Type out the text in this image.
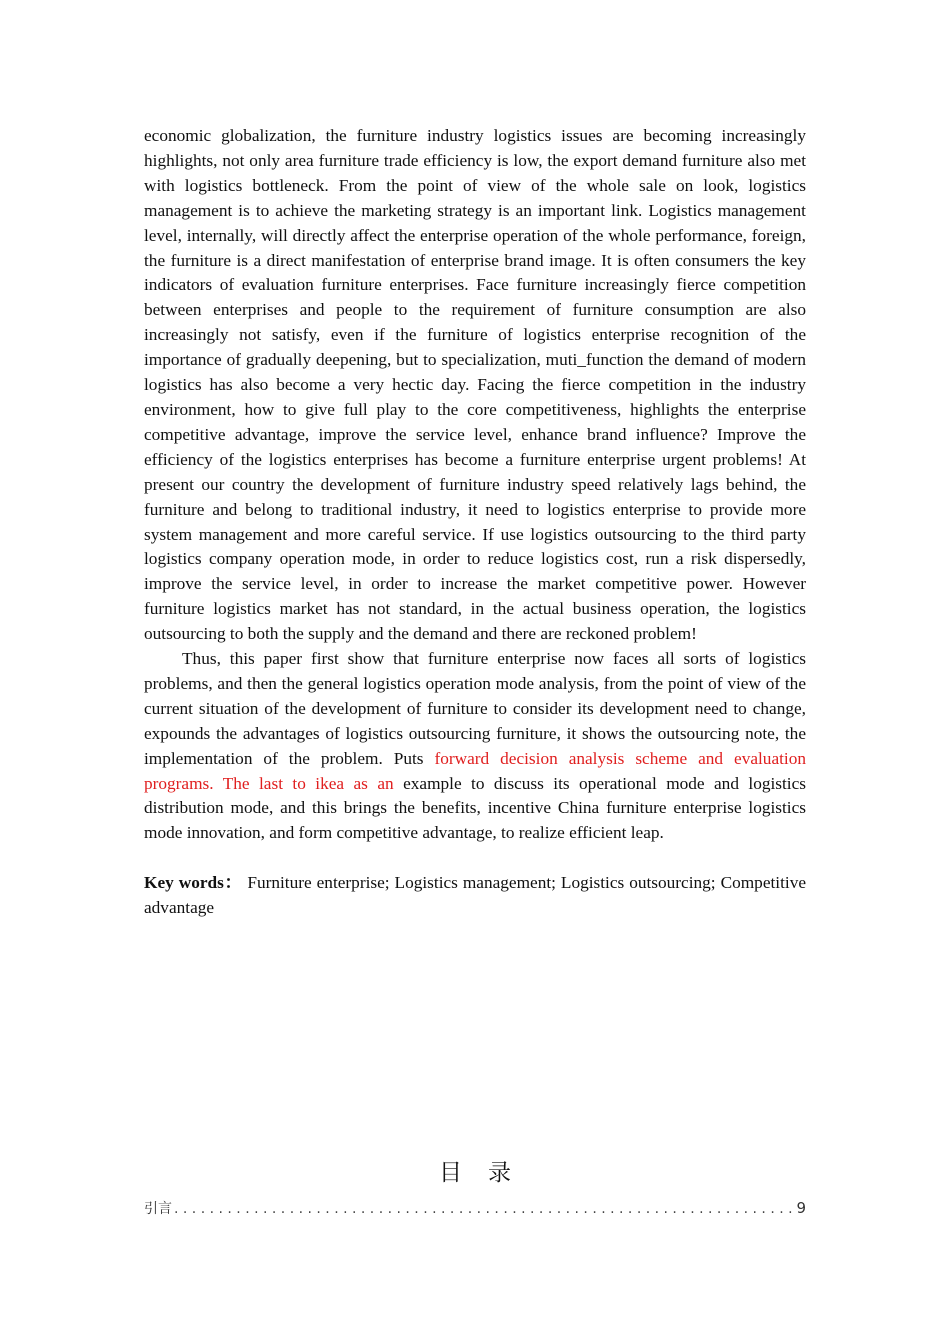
economic globalization, the furniture industry logistics issues are becoming increasingly highlights, not only area furniture trade efficiency is low, the export demand furniture also met with logistics bottleneck. From the point of view of the whole sale on look, logistics management is to achieve the marketing strategy is an important link. Logistics management level, internally, will directly affect the enterprise operation of the whole performance, foreign, the furniture is a direct manifestation of enterprise brand image. It is often consumers the key indicators of evaluation furniture enterprises. Face furniture increasingly fierce competition between enterprises and people to the requirement of furniture consumption are also increasingly not satisfy, even if the furniture of logistics enterprise recognition of the importance of gradually deepening, but to specialization, muti_function the demand of modern logistics has also become a very hectic day. Facing the fierce competition in the industry environment, how to give full play to the core competitiveness, highlights the enterprise competitive advantage, improve the service level, enhance brand influence? Improve the efficiency of the logistics enterprises has become a furniture enterprise urgent problems! At present our country the development of furniture industry speed relatively lags behind, the furniture and belong to traditional industry, it need to logistics enterprise to provide more system management and more careful service. If use logistics outsourcing to the third party logistics company operation mode, in order to reduce logistics cost, run a risk dispersedly, improve the service level, in order to increase the market competitive power. However furniture logistics market has not standard, in the actual business operation, the logistics outsourcing to both the supply and the demand and there are reckoned problem!

Thus, this paper first show that furniture enterprise now faces all sorts of logistics problems, and then the general logistics operation mode analysis, from the point of view of the current situation of the development of furniture to consider its development need to change, expounds the advantages of logistics outsourcing furniture, it shows the outsourcing note, the implementation of the problem. Puts forward decision analysis scheme and evaluation programs. The last to ikea as an example to discuss its operational mode and logistics distribution mode, and this brings the benefits, incentive China furniture enterprise logistics mode innovation, and form competitive advantage, to realize efficient leap.

Key words： Furniture enterprise; Logistics management; Logistics outsourcing; Competitive advantage

目录
引言
. . .	9
